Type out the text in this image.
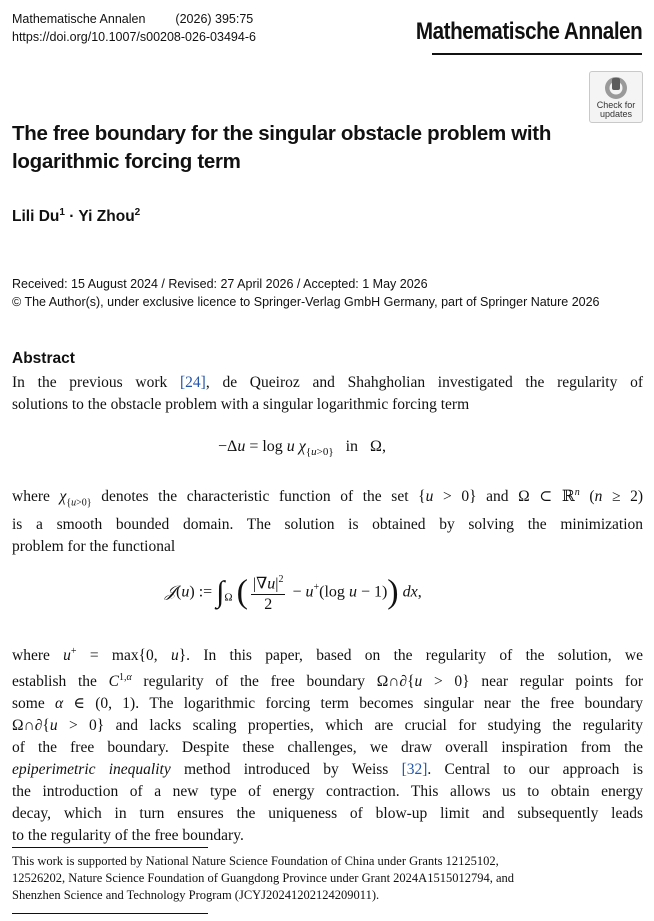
Mathematische Annalen (2026) 395:75
https://doi.org/10.1007/s00208-026-03494-6	Mathematische Annalen
Check for
updates
The free boundary for the singular obstacle problem with
logarithmic forcing term
Lili $Du^1 \cdot Yi$ Zhou$^2$
Received: 15 August 2024 / Revised: 27 April 2026 / Accepted: 1 May 2026
© The Author(s), under exclusive licence to Springer-Verlag GmbH Germany, part of Springer Nature 2026
Abstract
In the previous work [24], de Queiroz and Shahgholian investigated the regularity of
solutions to the obstacle problem with a singular logarithmic forcing term
−Δu = log u $\chi_{\{u>0\}}$ in   Ω,
where $\chi_{\{u>0\}}$ denotes the characteristic function of the set {u > 0} and Ω ⊂ ℝ$^n$ (n ≥ 2)
is a smooth bounded domain. The solution is obtained by solving the minimization
problem for the functional
𝒥(u) := $\int_\Omega$ ( $\frac{|\nabla u|^2}{2} - u^+(\log$ u − 1)) dx,
where u+ = max{0, u}. In this paper, based on the regularity of the solution, we
establish the $C^{1,\alpha}$ regularity of the free boundary Ω∩∂{u > 0} near regular points for
some α ∈ (0, 1). The logarithmic forcing term becomes singular near the free boundary
Ω∩∂{u > 0} and lacks scaling properties, which are crucial for studying the regularity
of the free boundary. Despite these challenges, we draw overall inspiration from the
epiperimetric inequality method introduced by Weiss [32]. Central to our approach is
the introduction of a new type of energy contraction. This allows us to obtain energy
decay, which in turn ensures the uniqueness of blow-up limit and subsequently leads
to the regularity of the free boundary.
This work is supported by National Nature Science Foundation of China under Grants 12125102,
12526202, Nature Science Foundation of Guangdong Province under Grant 2024A1515012794, and
Shenzhen Science and Technology Program (JCYJ20241202124209011).
